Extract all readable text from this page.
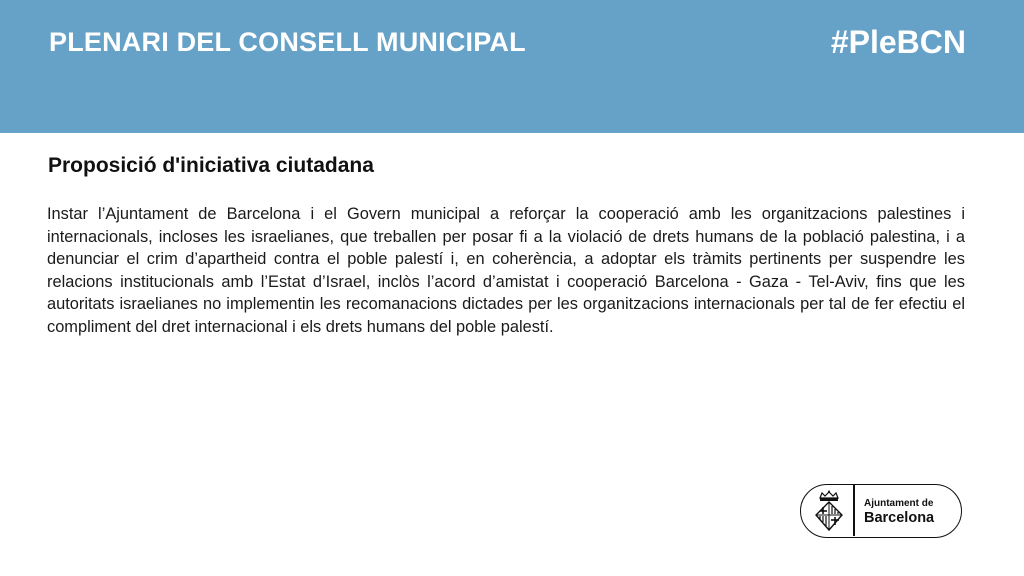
PLENARI DEL CONSELL MUNICIPAL	#PleBCN
Proposició d'iniciativa ciutadana

Instar l’Ajuntament de Barcelona i el Govern municipal a reforçar la cooperació amb les organitzacions palestines i internacionals, incloses les israelianes, que treballen per posar fi a la violació de drets humans de la població palestina, i a denunciar el crim d’apartheid contra el poble palestí i, en coherència, a adoptar els tràmits pertinents per suspendre les relacions institucionals amb l’Estat d’Israel, inclòs l’acord d’amistat i cooperació Barcelona - Gaza - Tel-Aviv, fins que les autoritats israelianes no implementin les recomanacions dictades per les organitzacions internacionals per tal de fer efectiu el compliment del dret internacional i els drets humans del poble palestí.

Ajuntament de
Barcelona
